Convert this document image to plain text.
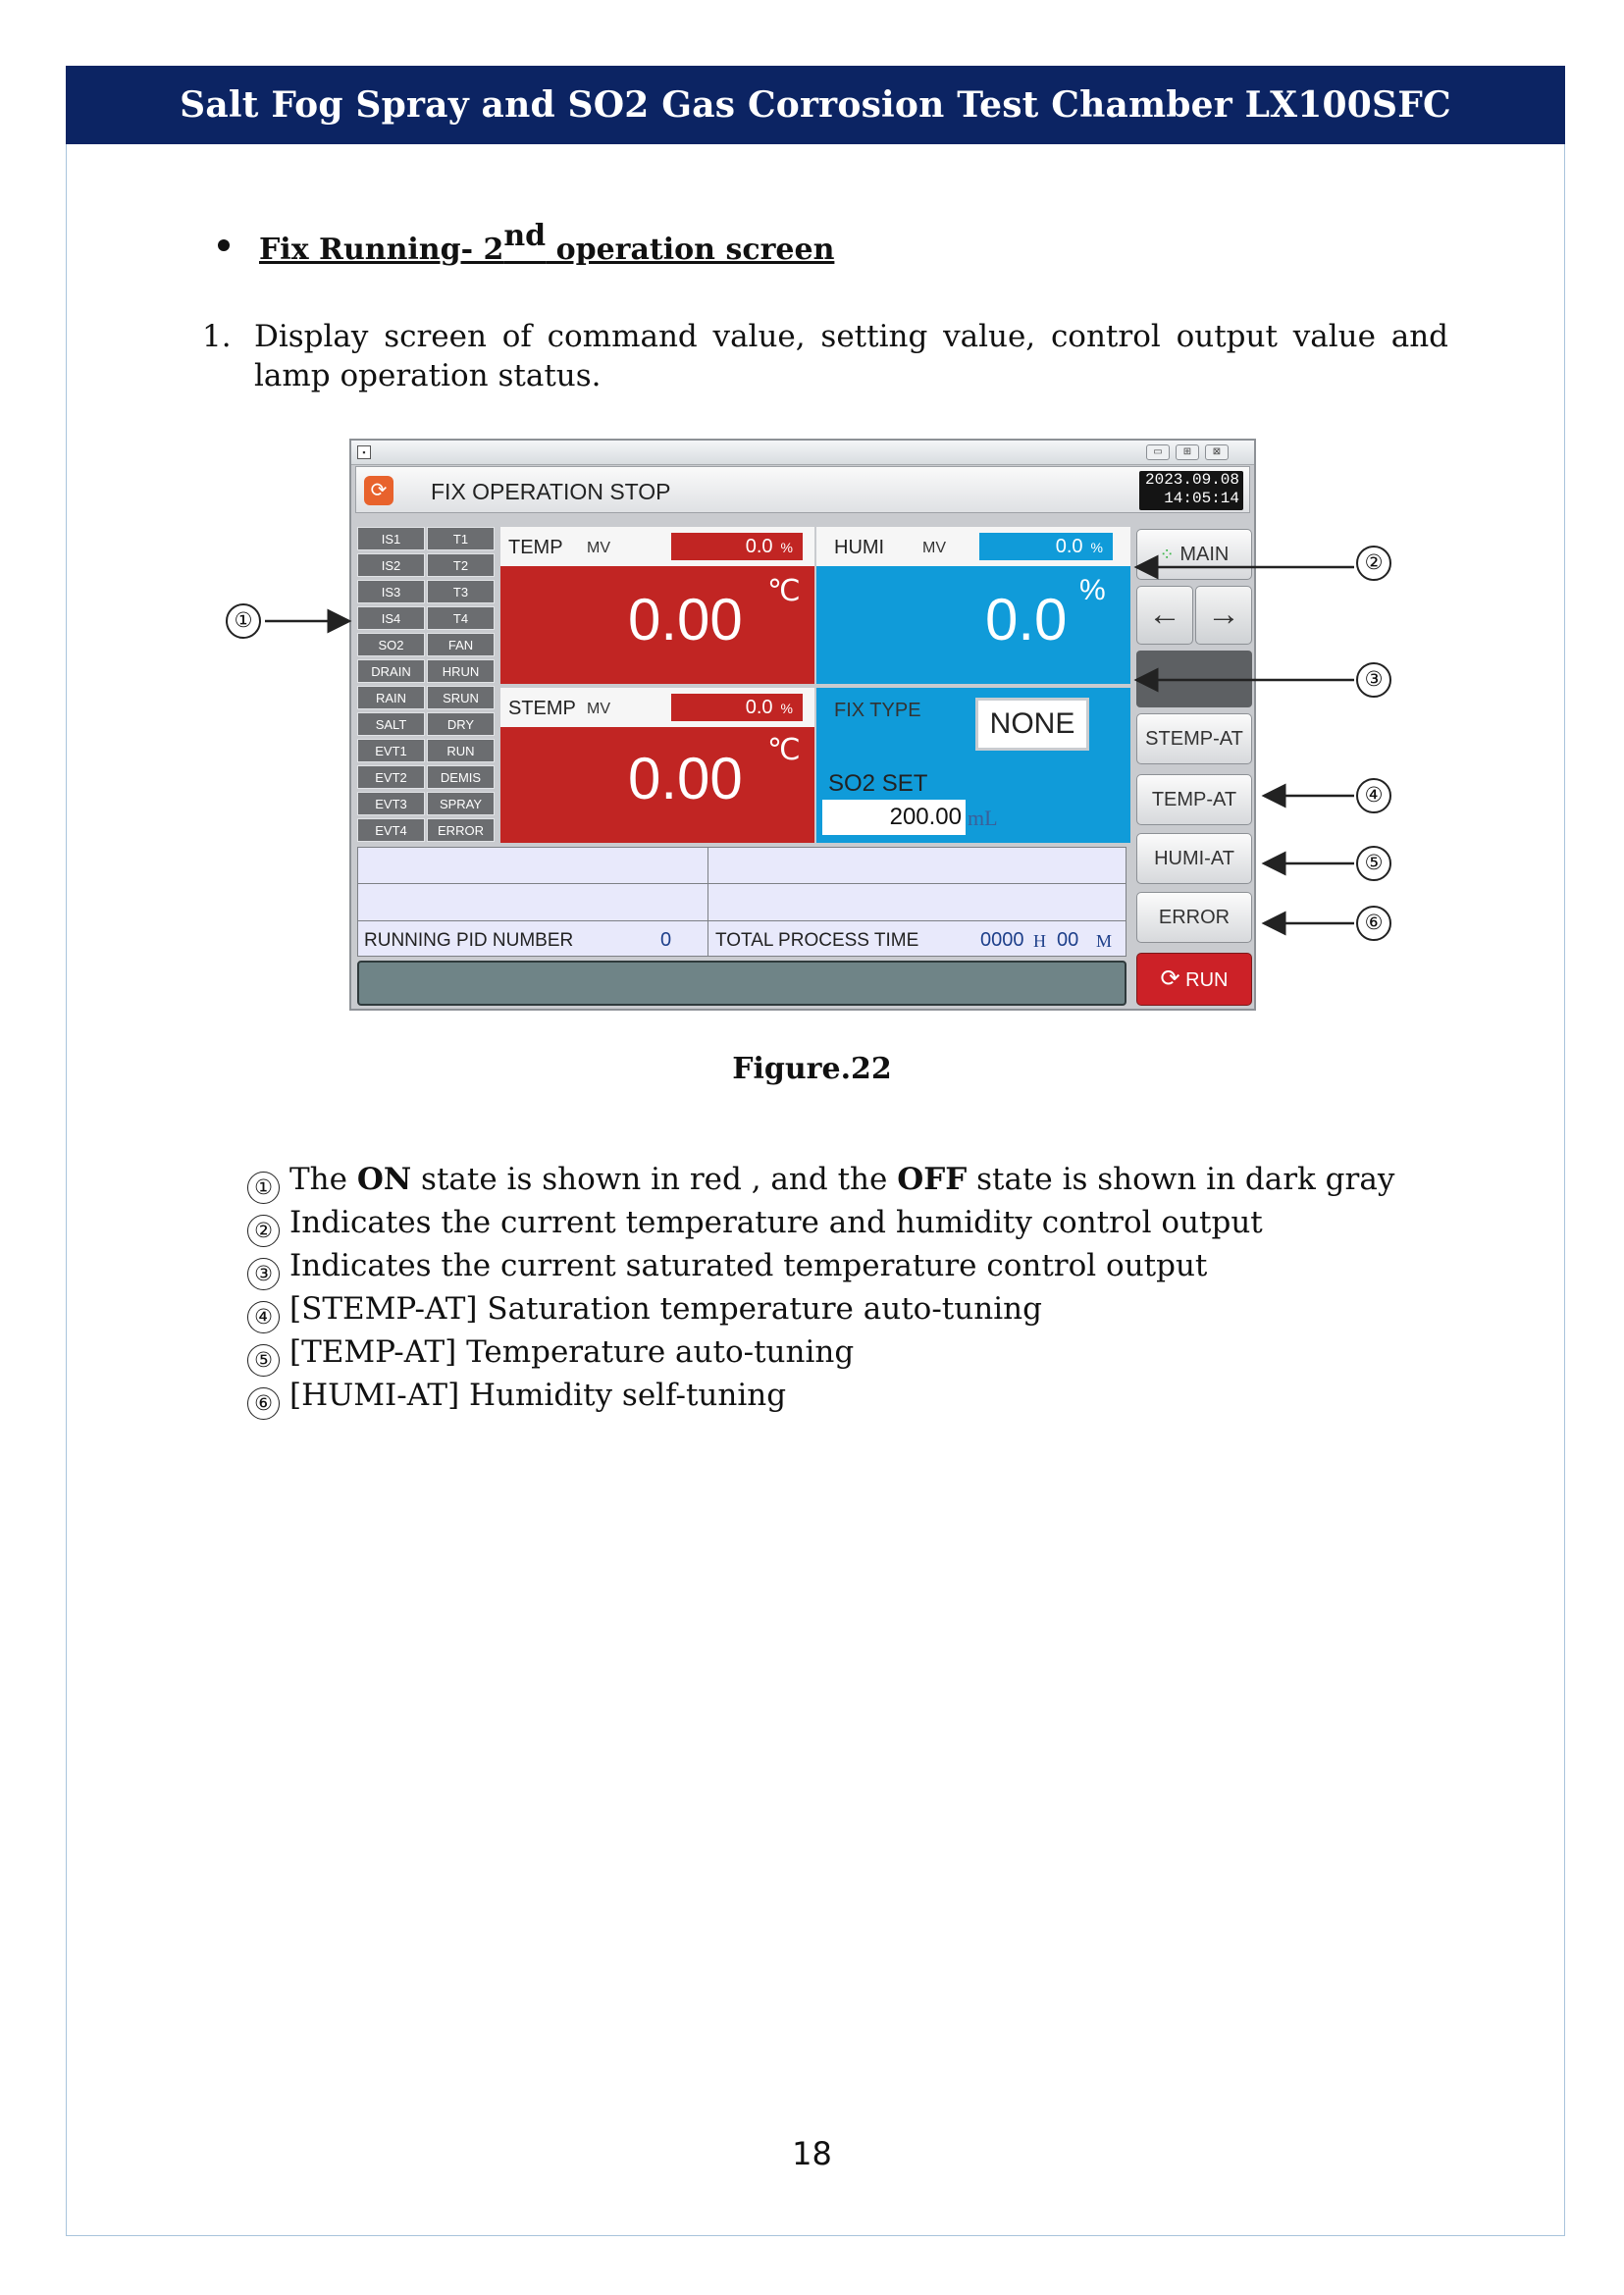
Salt Fog Spray and SO2 Gas Corrosion Test Chamber LX100SFC
Fix Running- 2nd operation screen
1. Display screen of command value, setting value, control output value and lamp operation status.
▪	▭	⊞	⊠
⟳ FIX OPERATION STOP	2023.09.08
14:05:14
IS1	T1
IS2	T2
IS3	T3
IS4	T4
SO2	FAN
DRAIN	HRUN
RAIN	SRUN
SALT	DRY
EVT1	RUN
EVT2	DEMIS
EVT3	SPRAY
EVT4	ERROR
TEMP MV	0.0 %
0.00 ℃
HUMI MV	0.0 %
0.0 %
STEMP MV	0.0 %
0.00 ℃
FIX TYPE	NONE
SO2 SET
200.00 mL
RUNNING PID NUMBER	0 TOTAL PROCESS TIME	0000 H 00 M
⁘ MAIN
← →
STEMP-AT
TEMP-AT
HUMI-AT
ERROR
⟳ RUN
①
②
③
④
⑤
⑥
Figure.22
① The ON state is shown in red , and the OFF state is shown in dark gray
② Indicates the current temperature and humidity control output
③ Indicates the current saturated temperature control output
④ [STEMP-AT] Saturation temperature auto-tuning
⑤ [TEMP-AT] Temperature auto-tuning
⑥ [HUMI-AT] Humidity self-tuning
18
